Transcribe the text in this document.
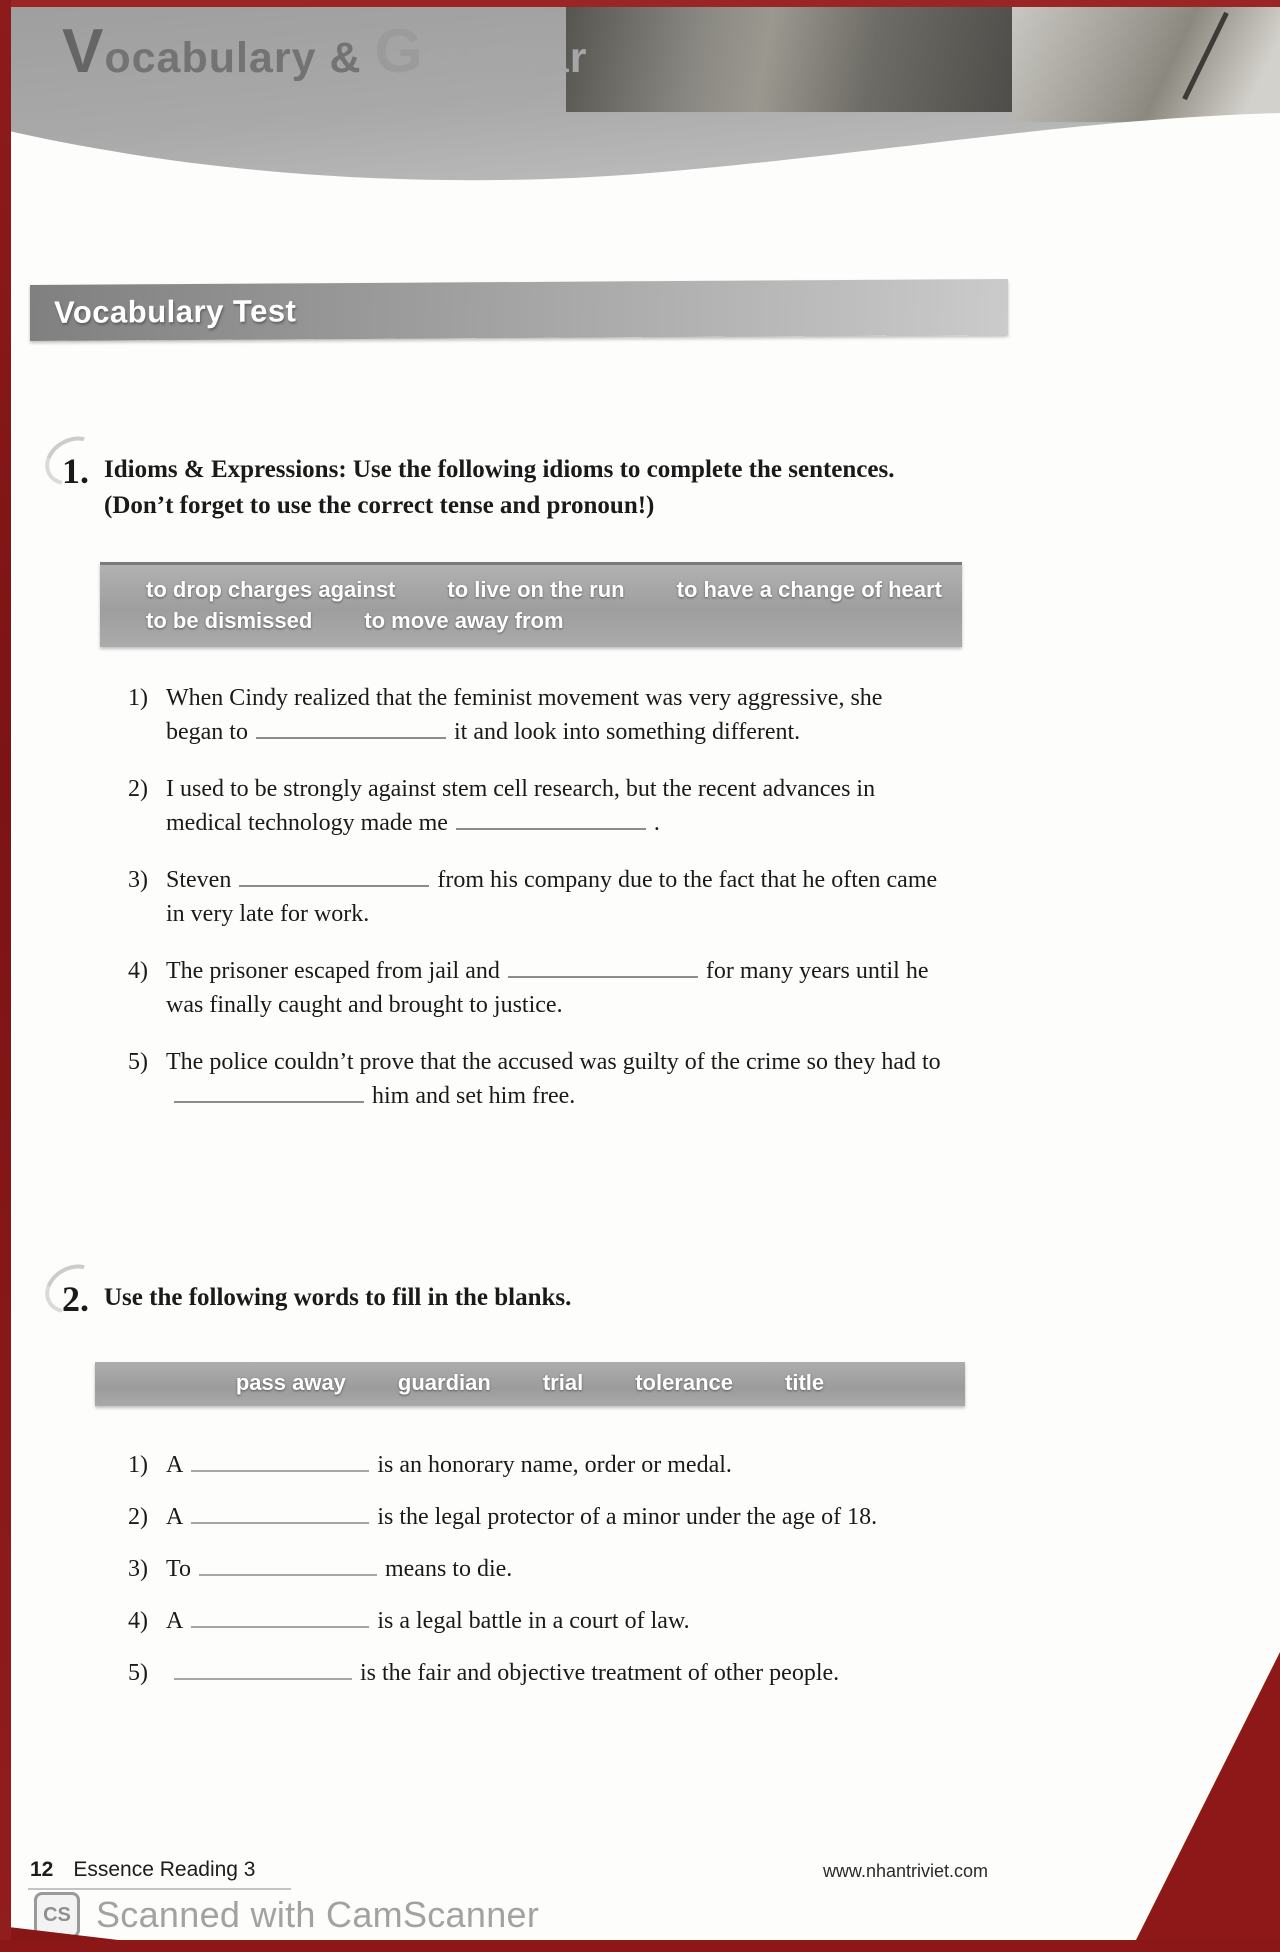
Vocabulary & Grammar
Vocabulary Test
1. Idioms & Expressions: Use the following idioms to complete the sentences.
(Don’t forget to use the correct tense and pronoun!)
to drop charges against to live on the run to have a change of heart
to be dismissed to move away from
1) When Cindy realized that the feminist movement was very aggressive, she began to	it and look into something different.
2) I used to be strongly against stem cell research, but the recent advances in medical technology made me	.
3) Steven	from his company due to the fact that he often came in very late for work.
4) The prisoner escaped from jail and	for many years until he was finally caught and brought to justice.
5) The police couldn’t prove that the accused was guilty of the crime so they had tohim and set him free.
2. Use the following words to fill in the blanks.
pass away guardian trial tolerance title
1) A	is an honorary name, order or medal.
2) A	is the legal protector of a minor under the age of 18.
3) To	means to die.
4) A	is a legal battle in a court of law.
5)	is the fair and objective treatment of other people.
12 Essence Reading 3	www.nhantriviet.com
CS Scanned with CamScanner
